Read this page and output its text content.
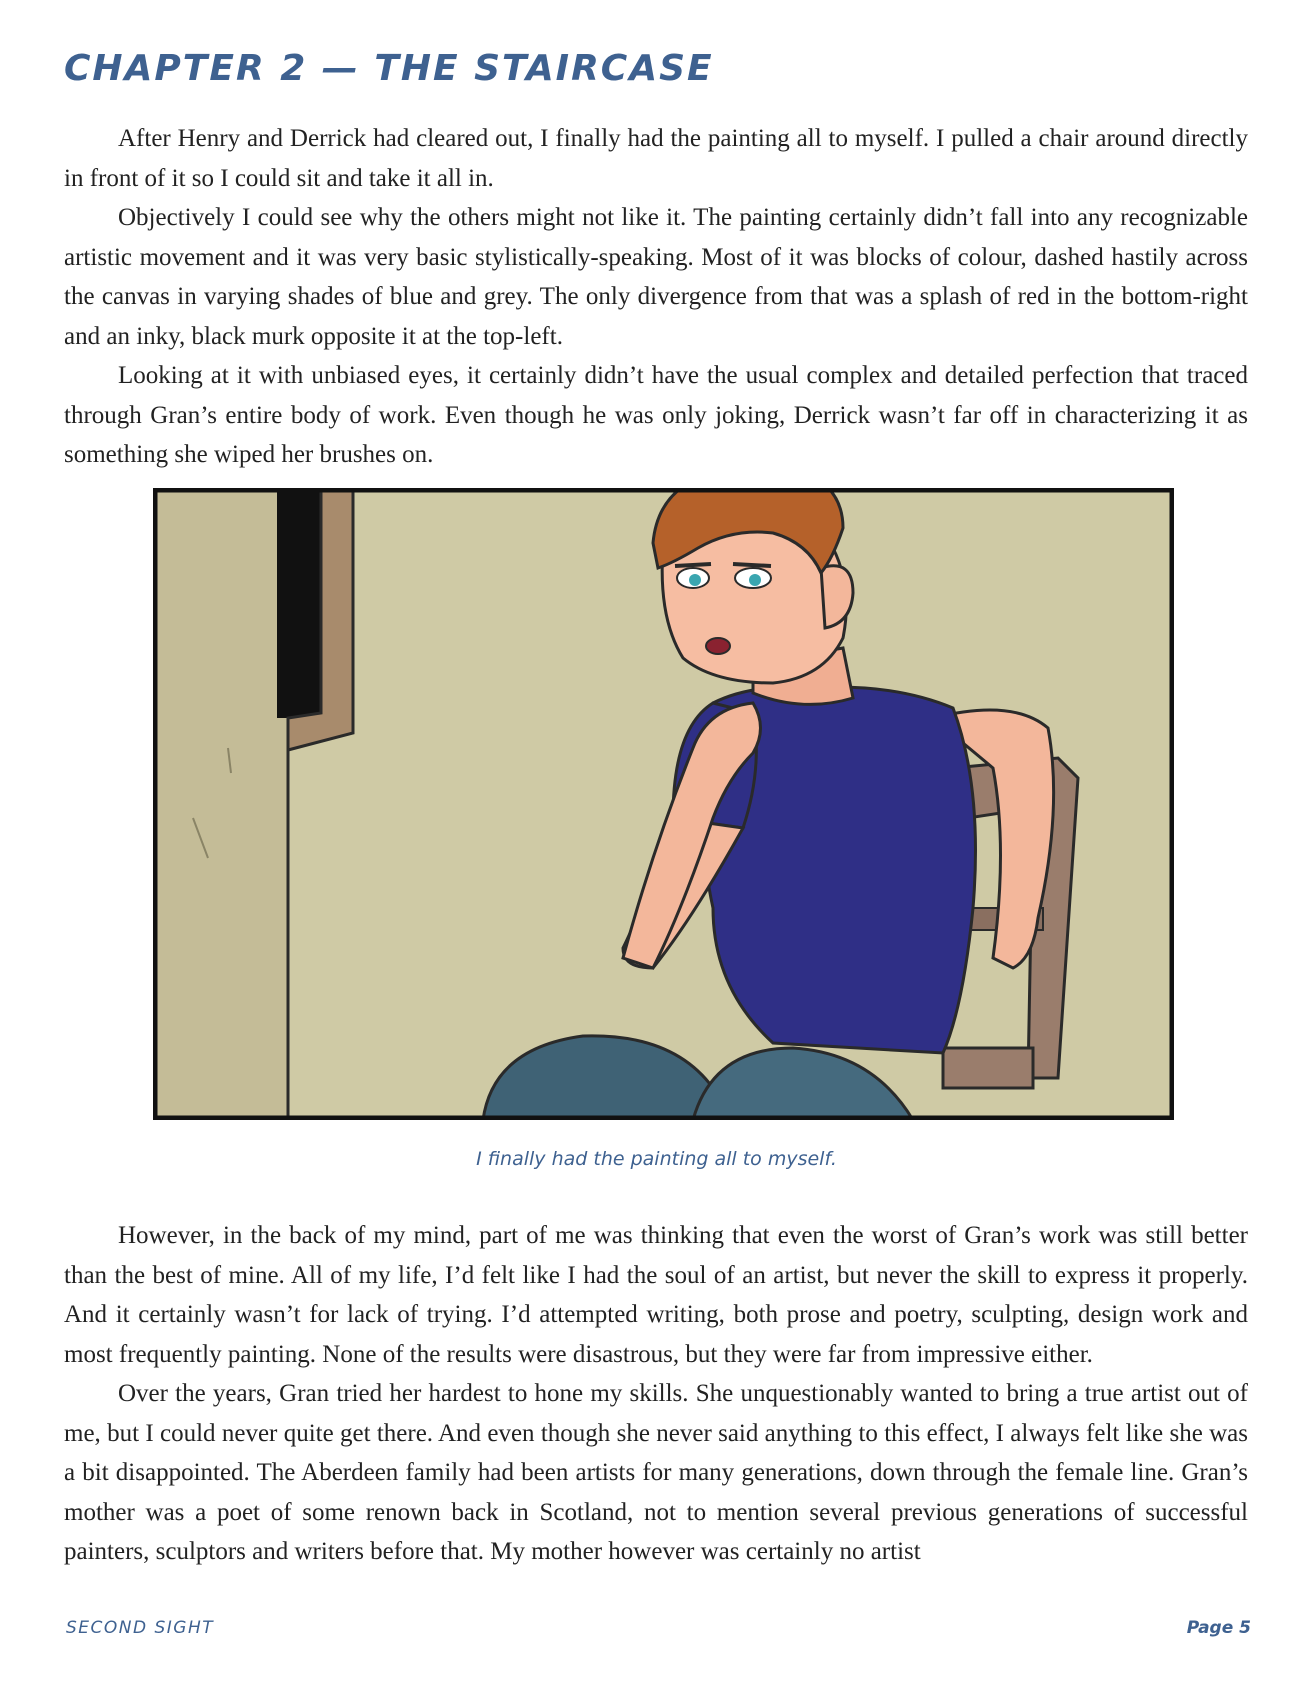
CHAPTER 2 — THE STAIRCASE

After Henry and Derrick had cleared out, I finally had the painting all to myself. I pulled a chair around directly in front of it so I could sit and take it all in.

Objectively I could see why the others might not like it. The painting certainly didn’t fall into any recognizable artistic movement and it was very basic stylistically-speaking. Most of it was blocks of colour, dashed hastily across the canvas in varying shades of blue and grey. The only divergence from that was a splash of red in the bottom-right and an inky, black murk opposite it at the top-left.

Looking at it with unbiased eyes, it certainly didn’t have the usual complex and detailed perfection that traced through Gran’s entire body of work. Even though he was only joking, Derrick wasn’t far off in characterizing it as something she wiped her brushes on.

I finally had the painting all to myself.

However, in the back of my mind, part of me was thinking that even the worst of Gran’s work was still better than the best of mine. All of my life, I’d felt like I had the soul of an artist, but never the skill to express it properly. And it certainly wasn’t for lack of trying. I’d attempted writing, both prose and poetry, sculpting, design work and most frequently painting. None of the results were disastrous, but they were far from impressive either.

Over the years, Gran tried her hardest to hone my skills. She unquestionably wanted to bring a true artist out of me, but I could never quite get there. And even though she never said anything to this effect, I always felt like she was a bit disappointed. The Aberdeen family had been artists for many generations, down through the female line. Gran’s mother was a poet of some renown back in Scotland, not to mention several previous generations of successful painters, sculptors and writers before that. My mother however was certainly no artist

SECOND SIGHT	Page 5
